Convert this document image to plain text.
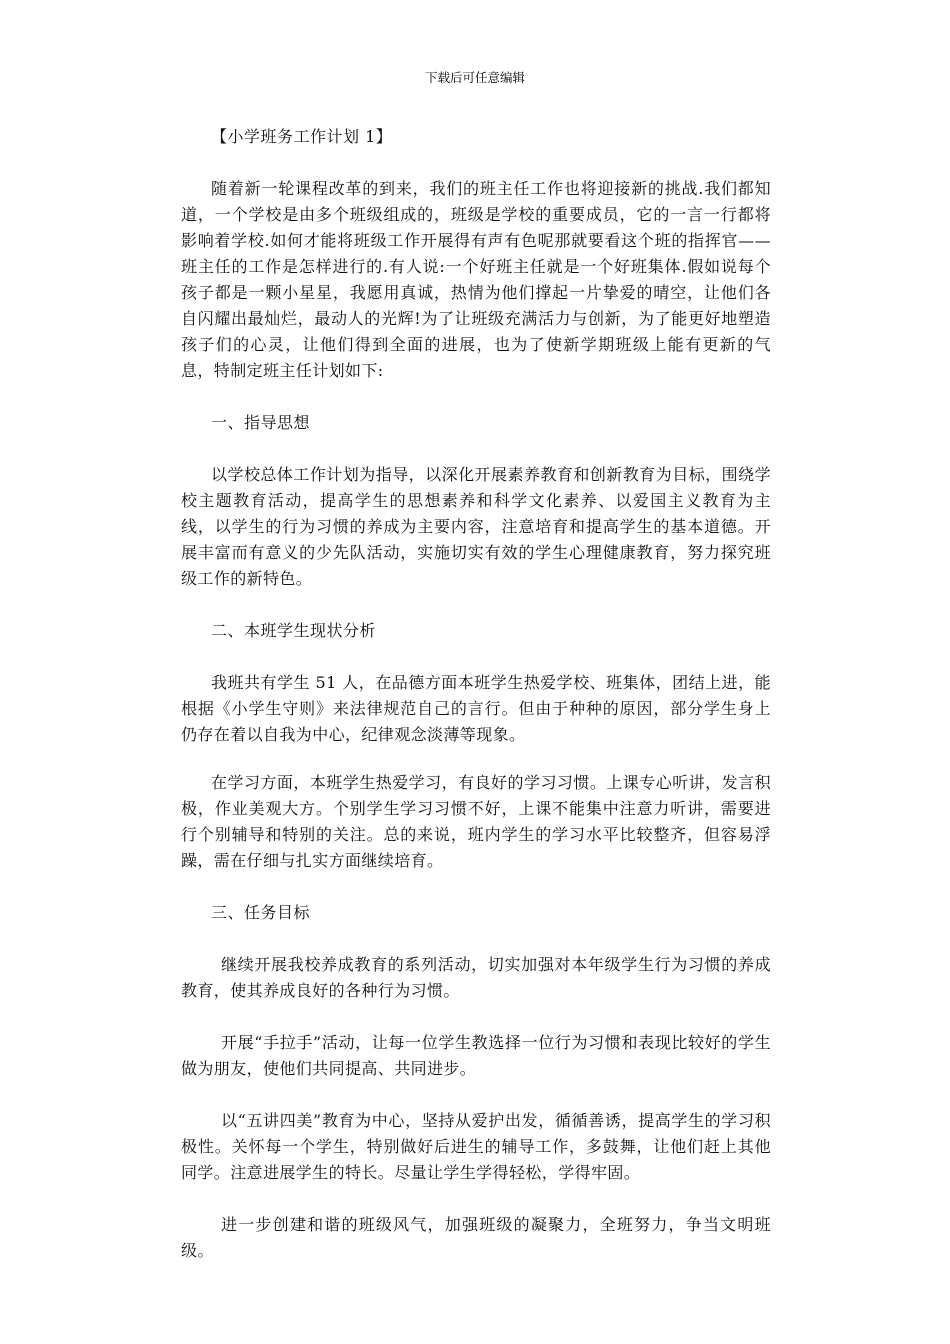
下载后可任意编辑

【小学班务工作计划 1】

随着新一轮课程改革的到来，我们的班主任工作也将迎接新的挑战.我们都知道，一个学校是由多个班级组成的，班级是学校的重要成员，它的一言一行都将影响着学校.如何才能将班级工作开展得有声有色呢那就要看这个班的指挥官——班主任的工作是怎样进行的.有人说:一个好班主任就是一个好班集体.假如说每个孩子都是一颗小星星，我愿用真诚，热情为他们撑起一片挚爱的晴空，让他们各自闪耀出最灿烂，最动人的光辉!为了让班级充满活力与创新，为了能更好地塑造孩子们的心灵，让他们得到全面的进展，也为了使新学期班级上能有更新的气息，特制定班主任计划如下:

一、指导思想

以学校总体工作计划为指导，以深化开展素养教育和创新教育为目标，围绕学校主题教育活动，提高学生的思想素养和科学文化素养、以爱国主义教育为主线，以学生的行为习惯的养成为主要内容，注意培育和提高学生的基本道德。开展丰富而有意义的少先队活动，实施切实有效的学生心理健康教育，努力探究班级工作的新特色。

二、本班学生现状分析

我班共有学生 51 人，在品德方面本班学生热爱学校、班集体，团结上进，能根据《小学生守则》来法律规范自己的言行。但由于种种的原因，部分学生身上仍存在着以自我为中心，纪律观念淡薄等现象。

在学习方面，本班学生热爱学习，有良好的学习习惯。上课专心听讲，发言积极，作业美观大方。个别学生学习习惯不好，上课不能集中注意力听讲，需要进行个别辅导和特别的关注。总的来说，班内学生的学习水平比较整齐，但容易浮躁，需在仔细与扎实方面继续培育。

三、任务目标

继续开展我校养成教育的系列活动，切实加强对本年级学生行为习惯的养成教育，使其养成良好的各种行为习惯。

开展“手拉手”活动，让每一位学生教选择一位行为习惯和表现比较好的学生做为朋友，使他们共同提高、共同进步。

以“五讲四美”教育为中心，坚持从爱护出发，循循善诱，提高学生的学习积极性。关怀每一个学生，特别做好后进生的辅导工作，多鼓舞，让他们赶上其他同学。注意进展学生的特长。尽量让学生学得轻松，学得牢固。

进一步创建和谐的班级风气，加强班级的凝聚力，全班努力，争当文明班级。
